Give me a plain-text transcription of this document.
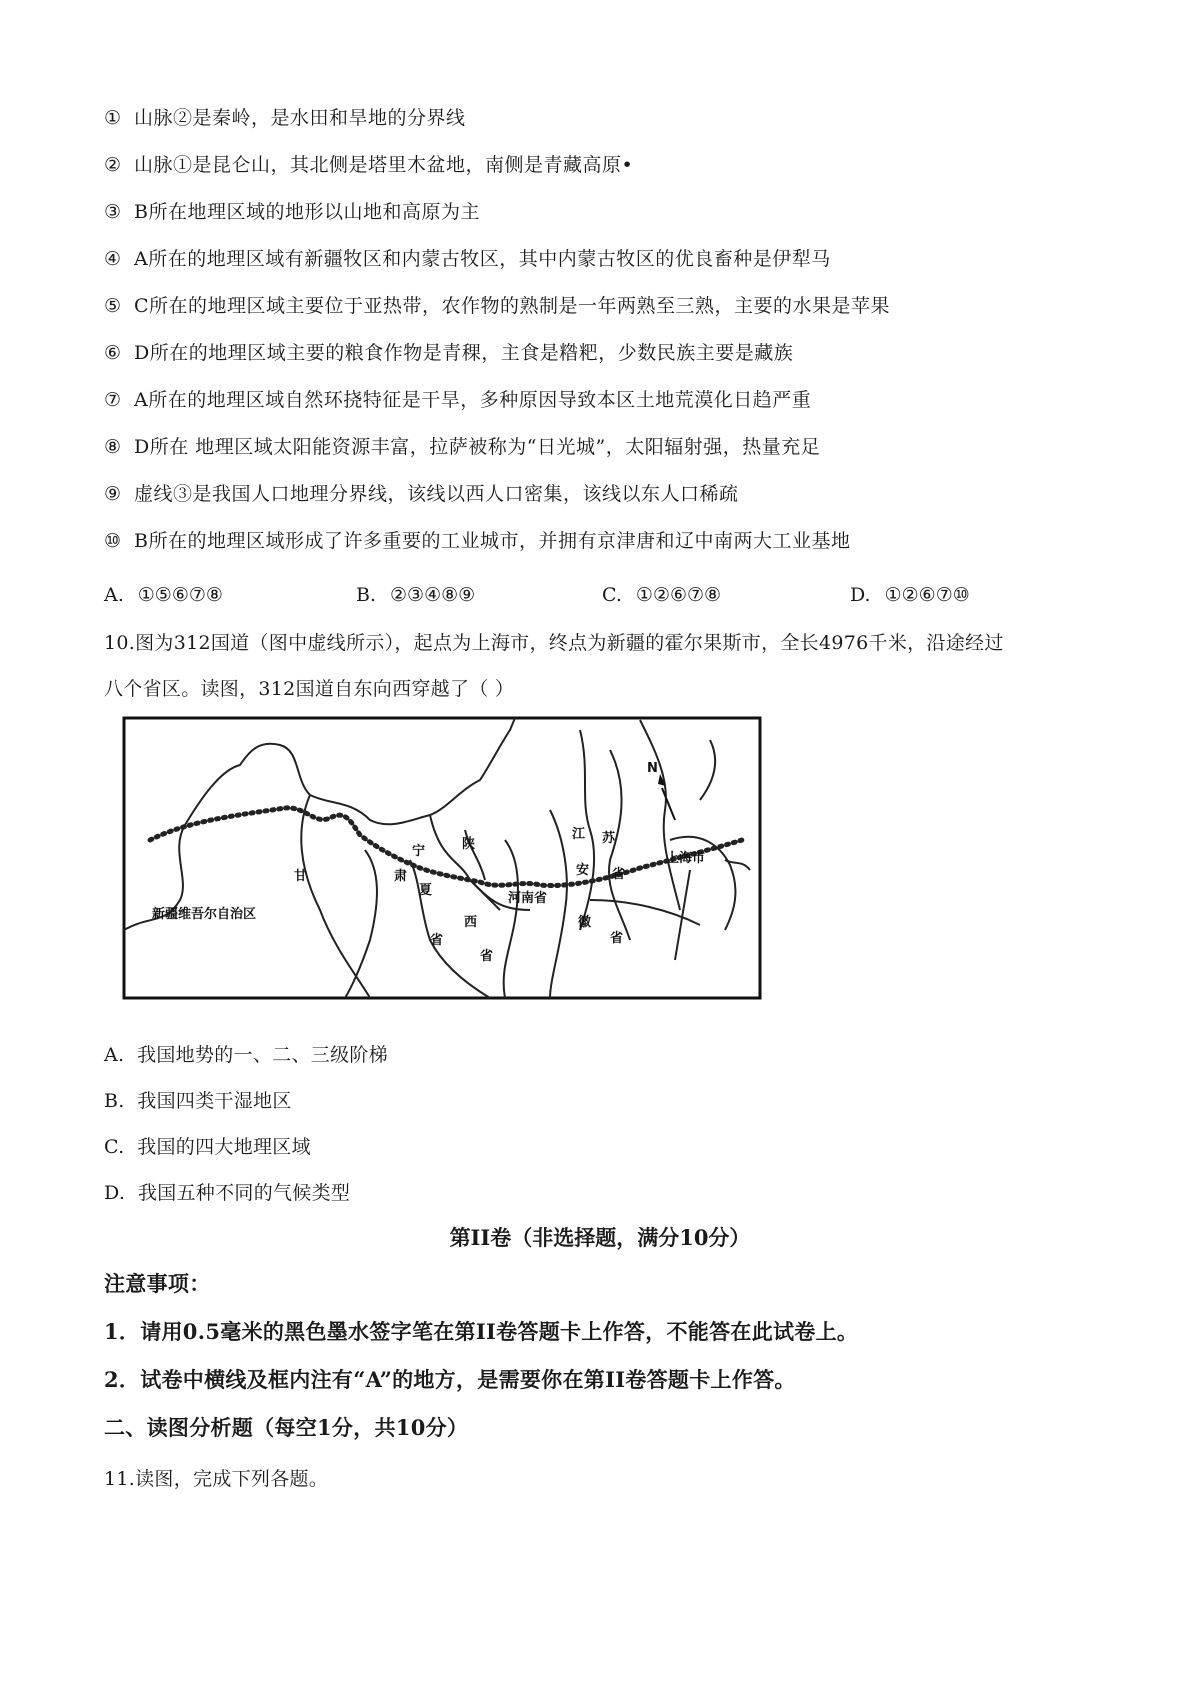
① 山脉②是秦岭，是水田和旱地的分界线
② 山脉①是昆仑山，其北侧是塔里木盆地，南侧是青藏高原•
③ B所在地理区域的地形以山地和高原为主
④ A所在的地理区域有新疆牧区和内蒙古牧区，其中内蒙古牧区的优良畜种是伊犁马
⑤ C所在的地理区域主要位于亚热带，农作物的熟制是一年两熟至三熟，主要的水果是苹果
⑥ D所在的地理区域主要的粮食作物是青稞，主食是糌粑，少数民族主要是藏族
⑦ A所在的地理区域自然环挠特征是干旱，多种原因导致本区土地荒漠化日趋严重
⑧ D所在 地理区域太阳能资源丰富，拉萨被称为“日光城”，太阳辐射强，热量充足
⑨ 虚线③是我国人口地理分界线，该线以西人口密集，该线以东人口稀疏
⑩ B所在的地理区域形成了许多重要的工业城市，并拥有京津唐和辽中南两大工业基地
A. ①⑤⑥⑦⑧	B. ②③④⑧⑨	C. ①②⑥⑦⑧	D. ①②⑥⑦⑩
10.图为312国道（图中虚线所示），起点为上海市，终点为新疆的霍尔果斯市，全长4976千米，沿途经过
八个省区。读图，312国道自东向西穿越了（ ）
N
新疆维吾尔自治区
甘	肃
宁
夏
陕
西
省
省
河南省
江 苏
安
徽
省
省
上海市
A. 我国地势的一、二、三级阶梯
B. 我国四类干湿地区
C. 我国的四大地理区域
D. 我国五种不同的气候类型
第II卷（非选择题，满分10分）
注意事项：
1．请用0.5毫米的黑色墨水签字笔在第II卷答题卡上作答，不能答在此试卷上。
2．试卷中横线及框内注有“A”的地方，是需要你在第II卷答题卡上作答。
二、读图分析题（每空1分，共10分）
11.读图，完成下列各题。
